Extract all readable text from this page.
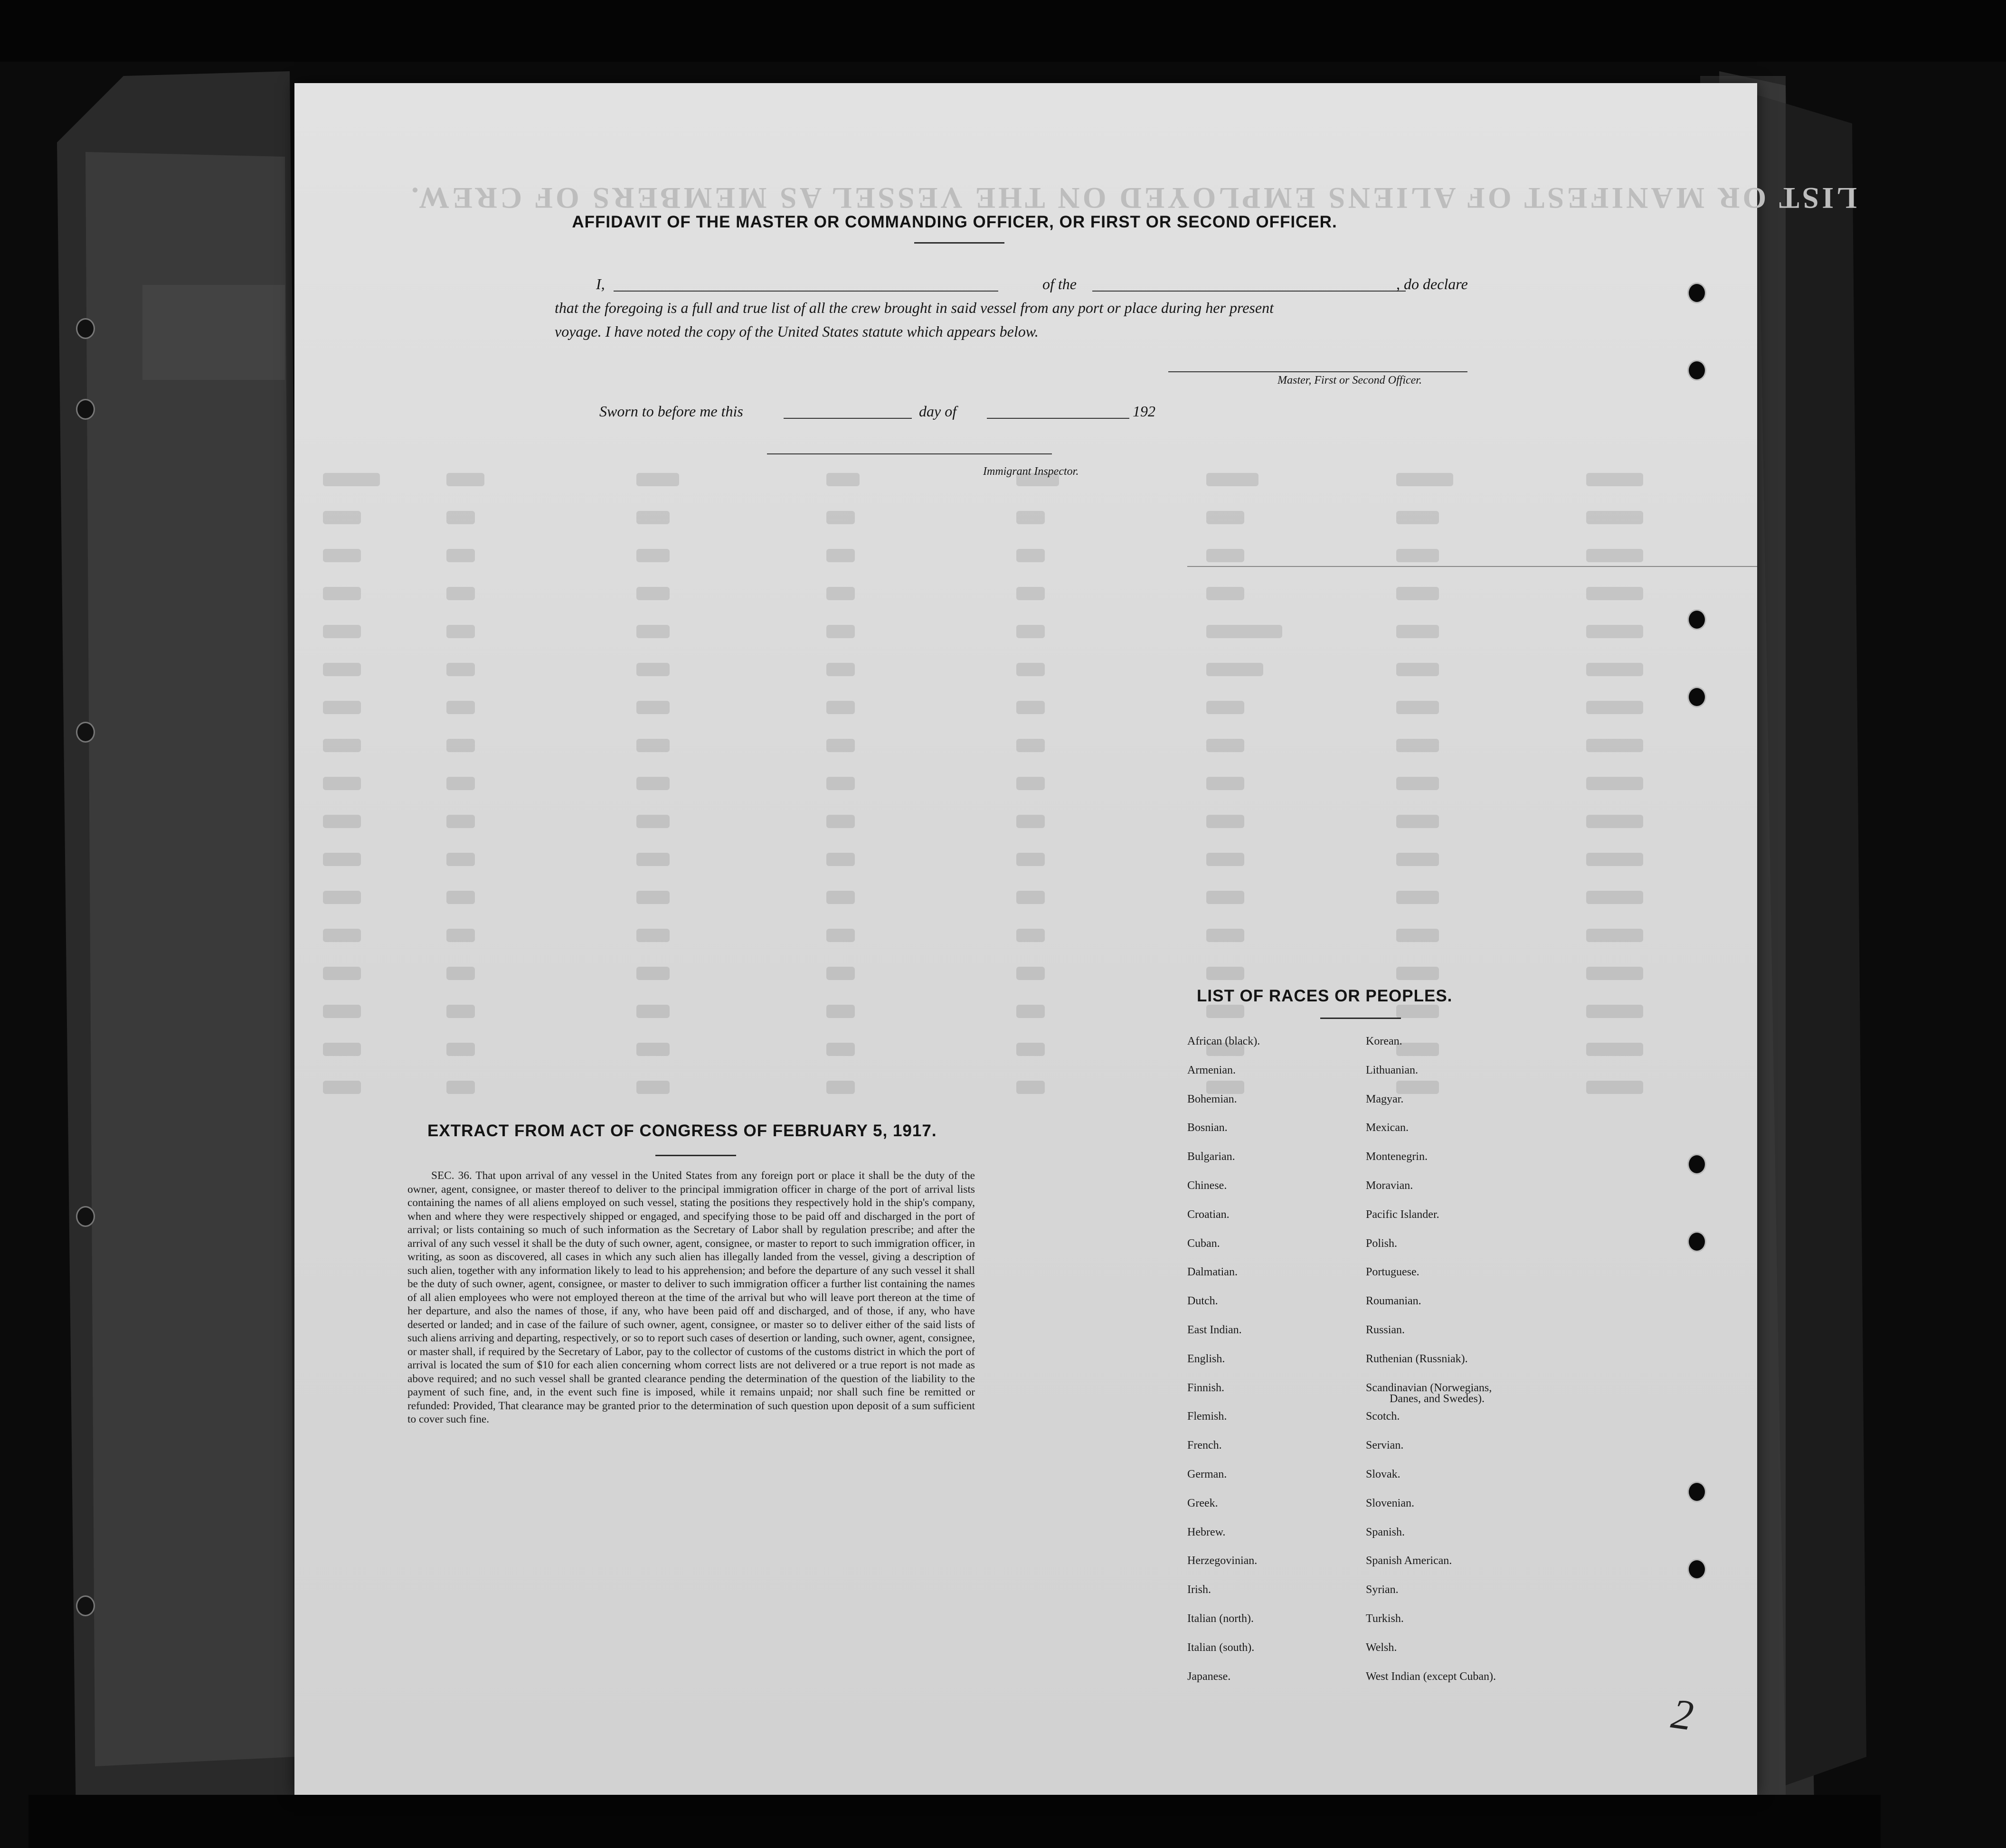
LIST OR MANIFEST OF ALIENS EMPLOYED ON THE VESSEL AS MEMBERS OF CREW.
AFFIDAVIT OF THE MASTER OR COMMANDING OFFICER, OR FIRST OR SECOND OFFICER.
I,	of the	, do declare
that the foregoing is a full and true list of all the crew brought in said vessel from any port or place during her present
voyage. I have noted the copy of the United States statute which appears below.
Master, First or Second Officer.
Sworn to before me this	day of	192
Immigrant Inspector.
EXTRACT FROM ACT OF CONGRESS OF FEBRUARY 5, 1917.
SEC. 36. That upon arrival of any vessel in the United States from any foreign port or place it shall be the duty of the owner, agent, consignee, or master thereof to deliver to the principal immigration officer in charge of the port of arrival lists containing the names of all aliens employed on such vessel, stating the positions they respectively hold in the ship's company, when and where they were respectively shipped or engaged, and specifying those to be paid off and discharged in the port of arrival; or lists containing so much of such information as the Secretary of Labor shall by regulation prescribe; and after the arrival of any such vessel it shall be the duty of such owner, agent, consignee, or master to report to such immigration officer, in writing, as soon as discovered, all cases in which any such alien has illegally landed from the vessel, giving a description of such alien, together with any information likely to lead to his apprehension; and before the departure of any such vessel it shall be the duty of such owner, agent, consignee, or master to deliver to such immigration officer a further list containing the names of all alien employees who were not employed thereon at the time of the arrival but who will leave port thereon at the time of her departure, and also the names of those, if any, who have been paid off and discharged, and of those, if any, who have deserted or landed; and in case of the failure of such owner, agent, consignee, or master so to deliver either of the said lists of such aliens arriving and departing, respectively, or so to report such cases of desertion or landing, such owner, agent, consignee, or master shall, if required by the Secretary of Labor, pay to the collector of customs of the customs district in which the port of arrival is located the sum of $10 for each alien concerning whom correct lists are not delivered or a true report is not made as above required; and no such vessel shall be granted clearance pending the determination of the question of the liability to the payment of such fine, and, in the event such fine is imposed, while it remains unpaid; nor shall such fine be remitted or refunded: Provided, That clearance may be granted prior to the determination of such question upon deposit of a sum sufficient to cover such fine.
LIST OF RACES OR PEOPLES.
African (black).
Armenian.
Bohemian.
Bosnian.
Bulgarian.
Chinese.
Croatian.
Cuban.
Dalmatian.
Dutch.
East Indian.
English.
Finnish.
Flemish.
French.
German.
Greek.
Hebrew.
Herzegovinian.
Irish.
Italian (north).
Italian (south).
Japanese.
Korean.
Lithuanian.
Magyar.
Mexican.
Montenegrin.
Moravian.
Pacific Islander.
Polish.
Portuguese.
Roumanian.
Russian.
Ruthenian (Russniak).
Scandinavian (Norwegians,
Danes, and Swedes).
Scotch.
Servian.
Slovak.
Slovenian.
Spanish.
Spanish American.
Syrian.
Turkish.
Welsh.
West Indian (except Cuban).
2
